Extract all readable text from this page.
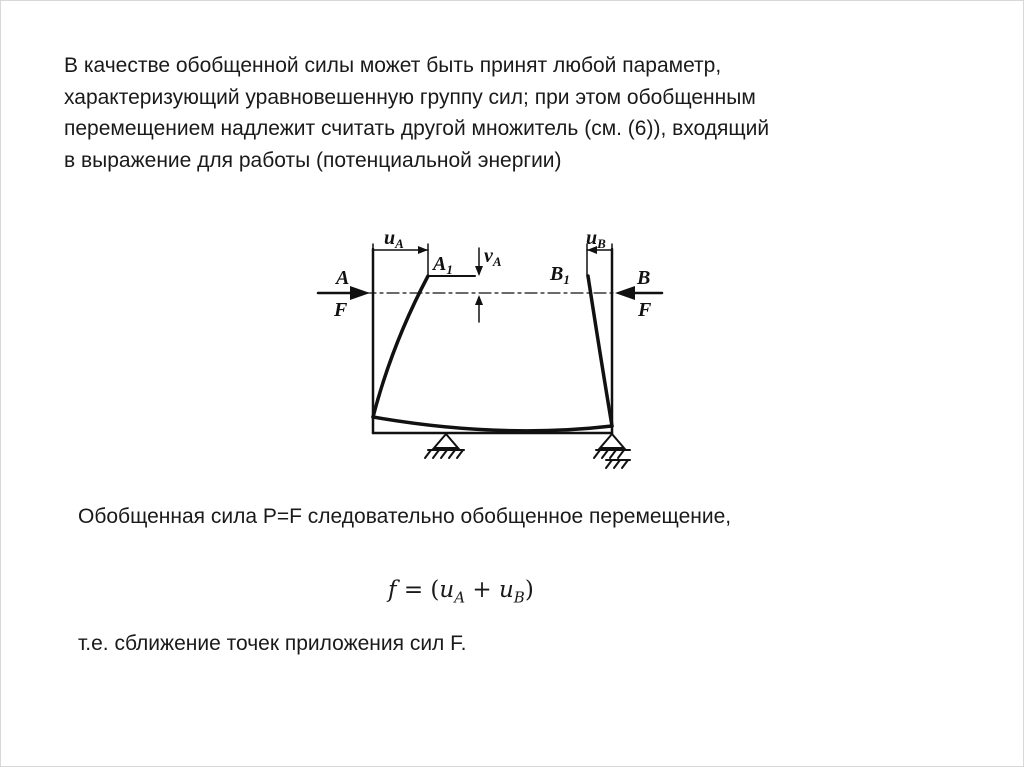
В качестве обобщенной силы может быть принят любой параметр,
характеризующий уравновешенную группу сил; при этом обобщенным
перемещением надлежит считать другой множитель (см. (6)), входящий
в выражение для работы (потенциальной энергии)
$u_A$	$u_B$
$A_1$
$v_A$
$B_1$
A
F
B
F
Обобщенная сила P=F следовательно обобщенное перемещение,
$f = (u_A + u_B)$
т.е. сближение точек приложения сил F.
